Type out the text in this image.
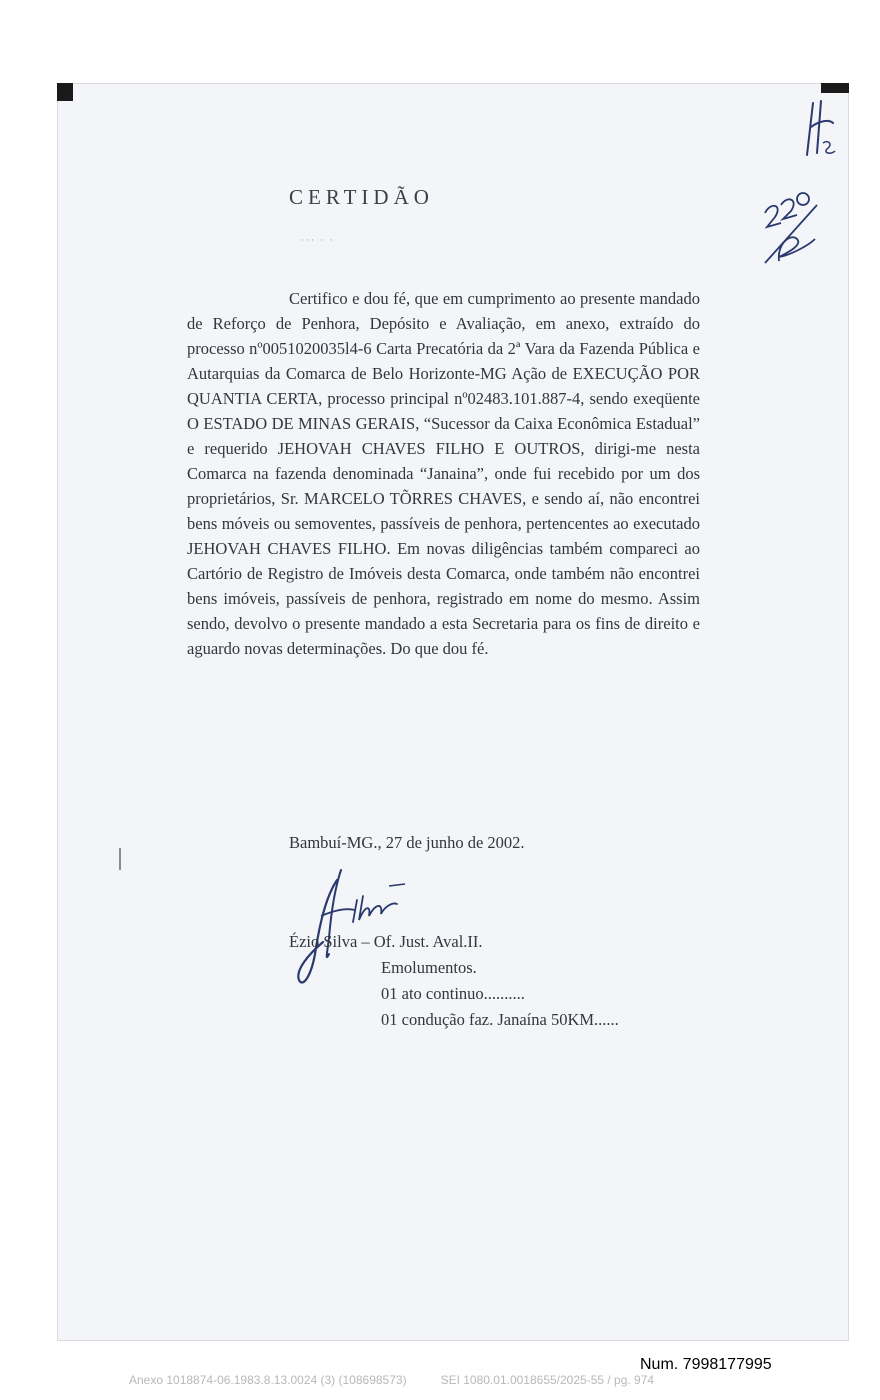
CERTIDÃO
··· · ·
Certifico e dou fé, que em cumprimento ao presente mandado de Reforço de Penhora, Depósito e Avaliação, em anexo, extraído do processo nº0051020035l4-6 Carta Precatória da 2ª Vara da Fazenda Pública e Autarquias da Comarca de Belo Horizonte-MG Ação de EXECUÇÃO POR QUANTIA CERTA, processo principal nº02483.101.887-4, sendo exeqüente O ESTADO DE MINAS GERAIS, “Sucessor da Caixa Econômica Estadual” e requerido JEHOVAH CHAVES FILHO E OUTROS, dirigi-me nesta Comarca na fazenda denominada “Janaina”, onde fui recebido por um dos proprietários, Sr. MARCELO TÕRRES CHAVES, e sendo aí, não encontrei bens móveis ou semoventes, passíveis de penhora, pertencentes ao executado JEHOVAH CHAVES FILHO. Em novas diligências também compareci ao Cartório de Registro de Imóveis desta Comarca, onde também não encontrei bens imóveis, passíveis de penhora, registrado em nome do mesmo. Assim sendo, devolvo o presente mandado a esta Secretaria para os fins de direito e aguardo novas determinações. Do que dou fé.
Bambuí-MG., 27 de junho de 2002.
Ézio Silva – Of. Just. Aval.II.
Emolumentos.
01 ato continuo..........
01 condução faz. Janaína 50KM......
Num. 7998177995
Anexo 1018874-06.1983.8.13.0024 (3) (108698573)	SEI 1080.01.0018655/2025-55 / pg. 974
